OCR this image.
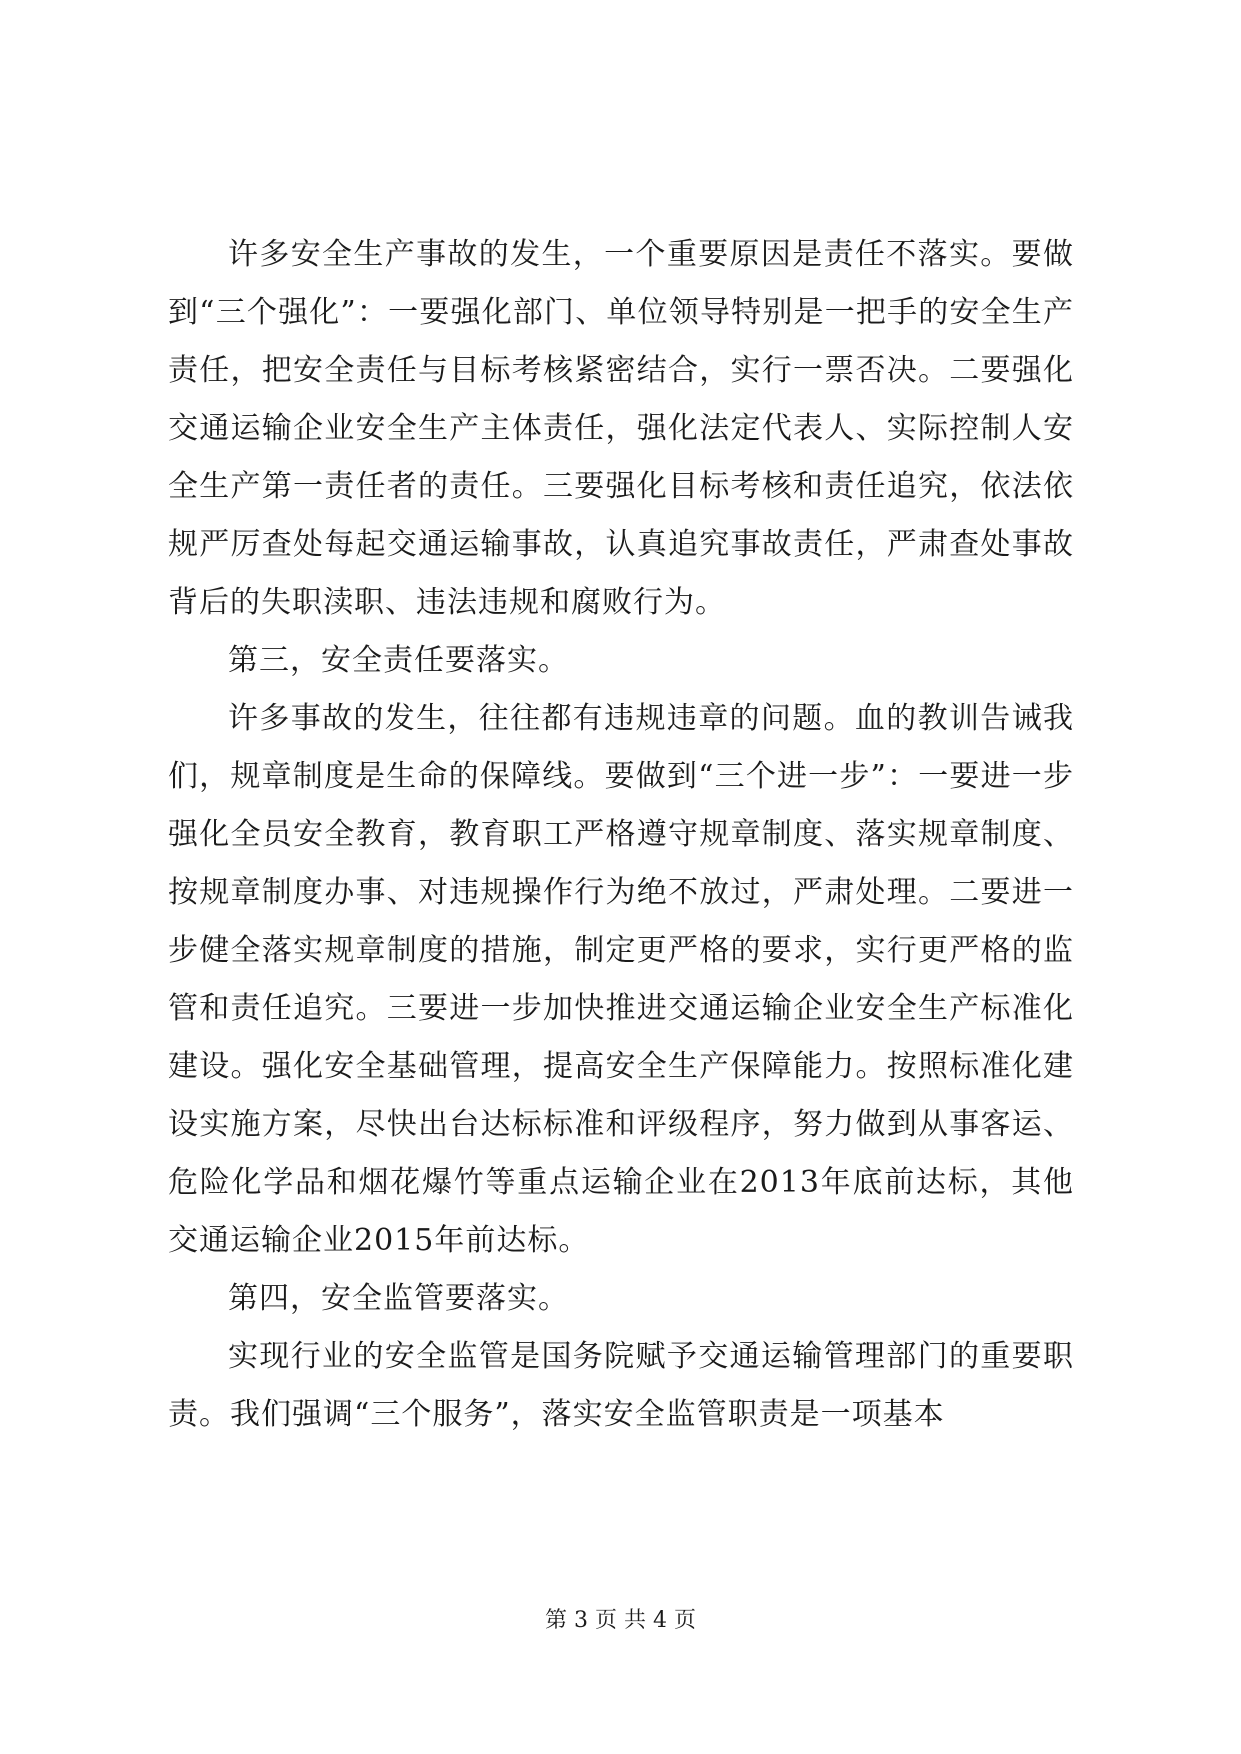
许多安全生产事故的发生，一个重要原因是责任不落实。要做到“三个强化”：一要强化部门、单位领导特别是一把手的安全生产责任，把安全责任与目标考核紧密结合，实行一票否决。二要强化交通运输企业安全生产主体责任，强化法定代表人、实际控制人安全生产第一责任者的责任。三要强化目标考核和责任追究，依法依规严厉查处每起交通运输事故，认真追究事故责任，严肃查处事故背后的失职渎职、违法违规和腐败行为。

第三，安全责任要落实。

许多事故的发生，往往都有违规违章的问题。血的教训告诫我们，规章制度是生命的保障线。要做到“三个进一步”：一要进一步强化全员安全教育，教育职工严格遵守规章制度、落实规章制度、按规章制度办事、对违规操作行为绝不放过，严肃处理。二要进一步健全落实规章制度的措施，制定更严格的要求，实行更严格的监管和责任追究。三要进一步加快推进交通运输企业安全生产标准化建设。强化安全基础管理，提高安全生产保障能力。按照标准化建设实施方案，尽快出台达标标准和评级程序，努力做到从事客运、危险化学品和烟花爆竹等重点运输企业在2013年底前达标，其他交通运输企业2015年前达标。

第四，安全监管要落实。

实现行业的安全监管是国务院赋予交通运输管理部门的重要职责。我们强调“三个服务”，落实安全监管职责是一项基本

第 3 页 共 4 页
